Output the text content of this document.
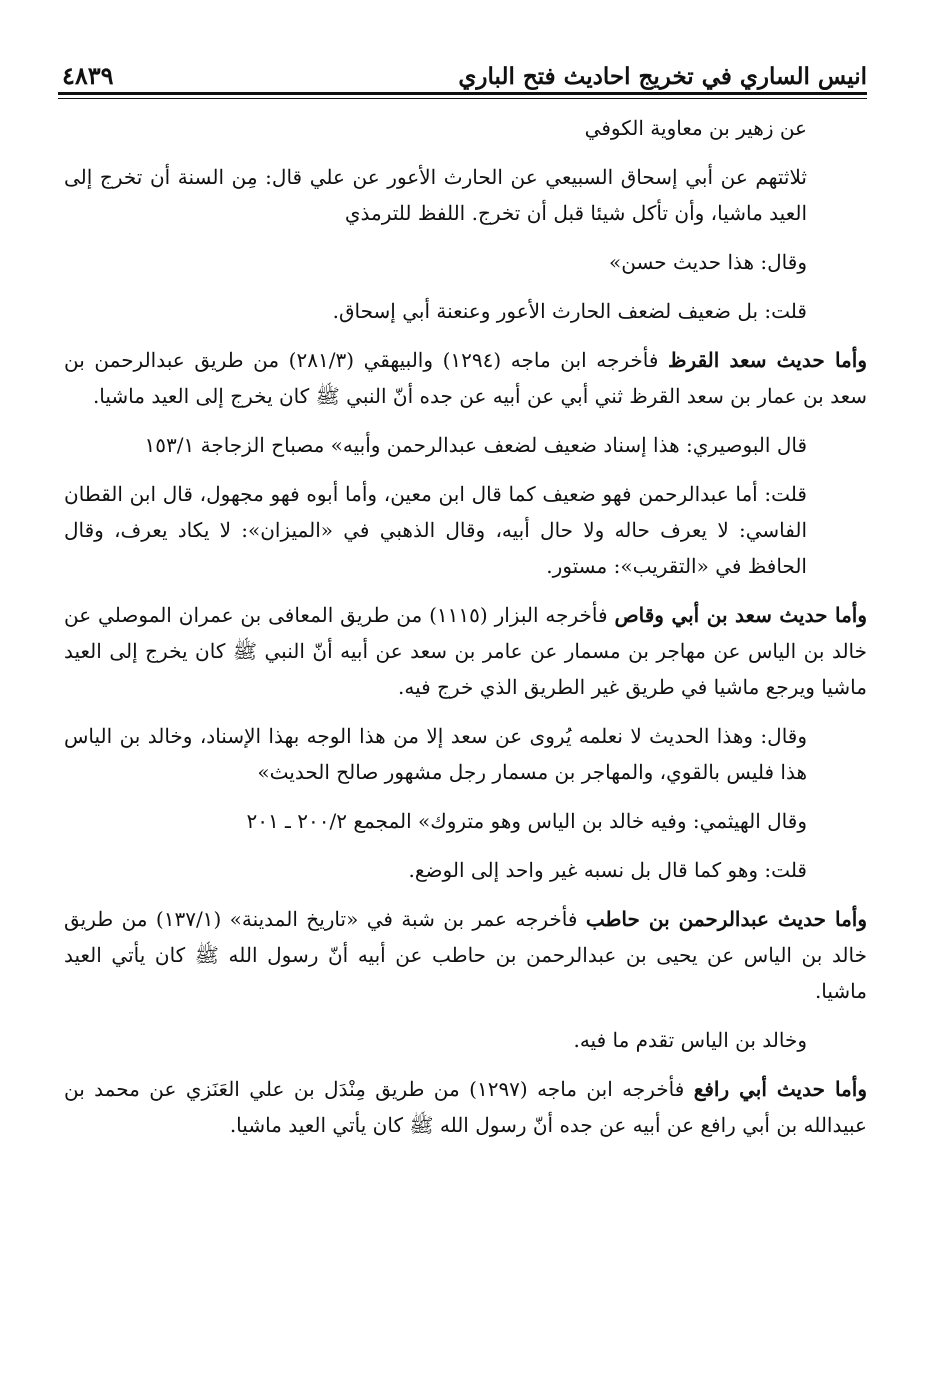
انيس الساري في تخريج احاديث فتح الباري
٤٨٣٩

عن زهير بن معاوية الكوفي

ثلاثتهم عن أبي إسحاق السبيعي عن الحارث الأعور عن علي قال: مِن السنة أن تخرج إلى العيد ماشيا، وأن تأكل شيئا قبل أن تخرج. اللفظ للترمذي

وقال: هذا حديث حسن»

قلت: بل ضعيف لضعف الحارث الأعور وعنعنة أبي إسحاق.

وأما حديث سعد القرظ فأخرجه ابن ماجه (١٢٩٤) والبيهقي (٢٨١/٣) من طريق عبدالرحمن بن سعد بن عمار بن سعد القرظ ثني أبي عن أبيه عن جده أنّ النبي ﷺ كان يخرج إلى العيد ماشيا.

قال البوصيري: هذا إسناد ضعيف لضعف عبدالرحمن وأبيه» مصباح الزجاجة ١٥٣/١

قلت: أما عبدالرحمن فهو ضعيف كما قال ابن معين، وأما أبوه فهو مجهول، قال ابن القطان الفاسي: لا يعرف حاله ولا حال أبيه، وقال الذهبي في «الميزان»: لا يكاد يعرف، وقال الحافظ في «التقريب»: مستور.

وأما حديث سعد بن أبي وقاص فأخرجه البزار (١١١٥) من طريق المعافى بن عمران الموصلي عن خالد بن الياس عن مهاجر بن مسمار عن عامر بن سعد عن أبيه أنّ النبي ﷺ كان يخرج إلى العيد ماشيا ويرجع ماشيا في طريق غير الطريق الذي خرج فيه.

وقال: وهذا الحديث لا نعلمه يُروى عن سعد إلا من هذا الوجه بهذا الإسناد، وخالد بن الياس هذا فليس بالقوي، والمهاجر بن مسمار رجل مشهور صالح الحديث»

وقال الهيثمي: وفيه خالد بن الياس وهو متروك» المجمع ٢٠٠/٢ ـ ٢٠١

قلت: وهو كما قال بل نسبه غير واحد إلى الوضع.

وأما حديث عبدالرحمن بن حاطب فأخرجه عمر بن شبة في «تاريخ المدينة» (١٣٧/١) من طريق خالد بن الياس عن يحيى بن عبدالرحمن بن حاطب عن أبيه أنّ رسول الله ﷺ كان يأتي العيد ماشيا.

وخالد بن الياس تقدم ما فيه.

وأما حديث أبي رافع فأخرجه ابن ماجه (١٢٩٧) من طريق مِنْدَل بن علي العَنَزي عن محمد بن عبيدالله بن أبي رافع عن أبيه عن جده أنّ رسول الله ﷺ كان يأتي العيد ماشيا.
